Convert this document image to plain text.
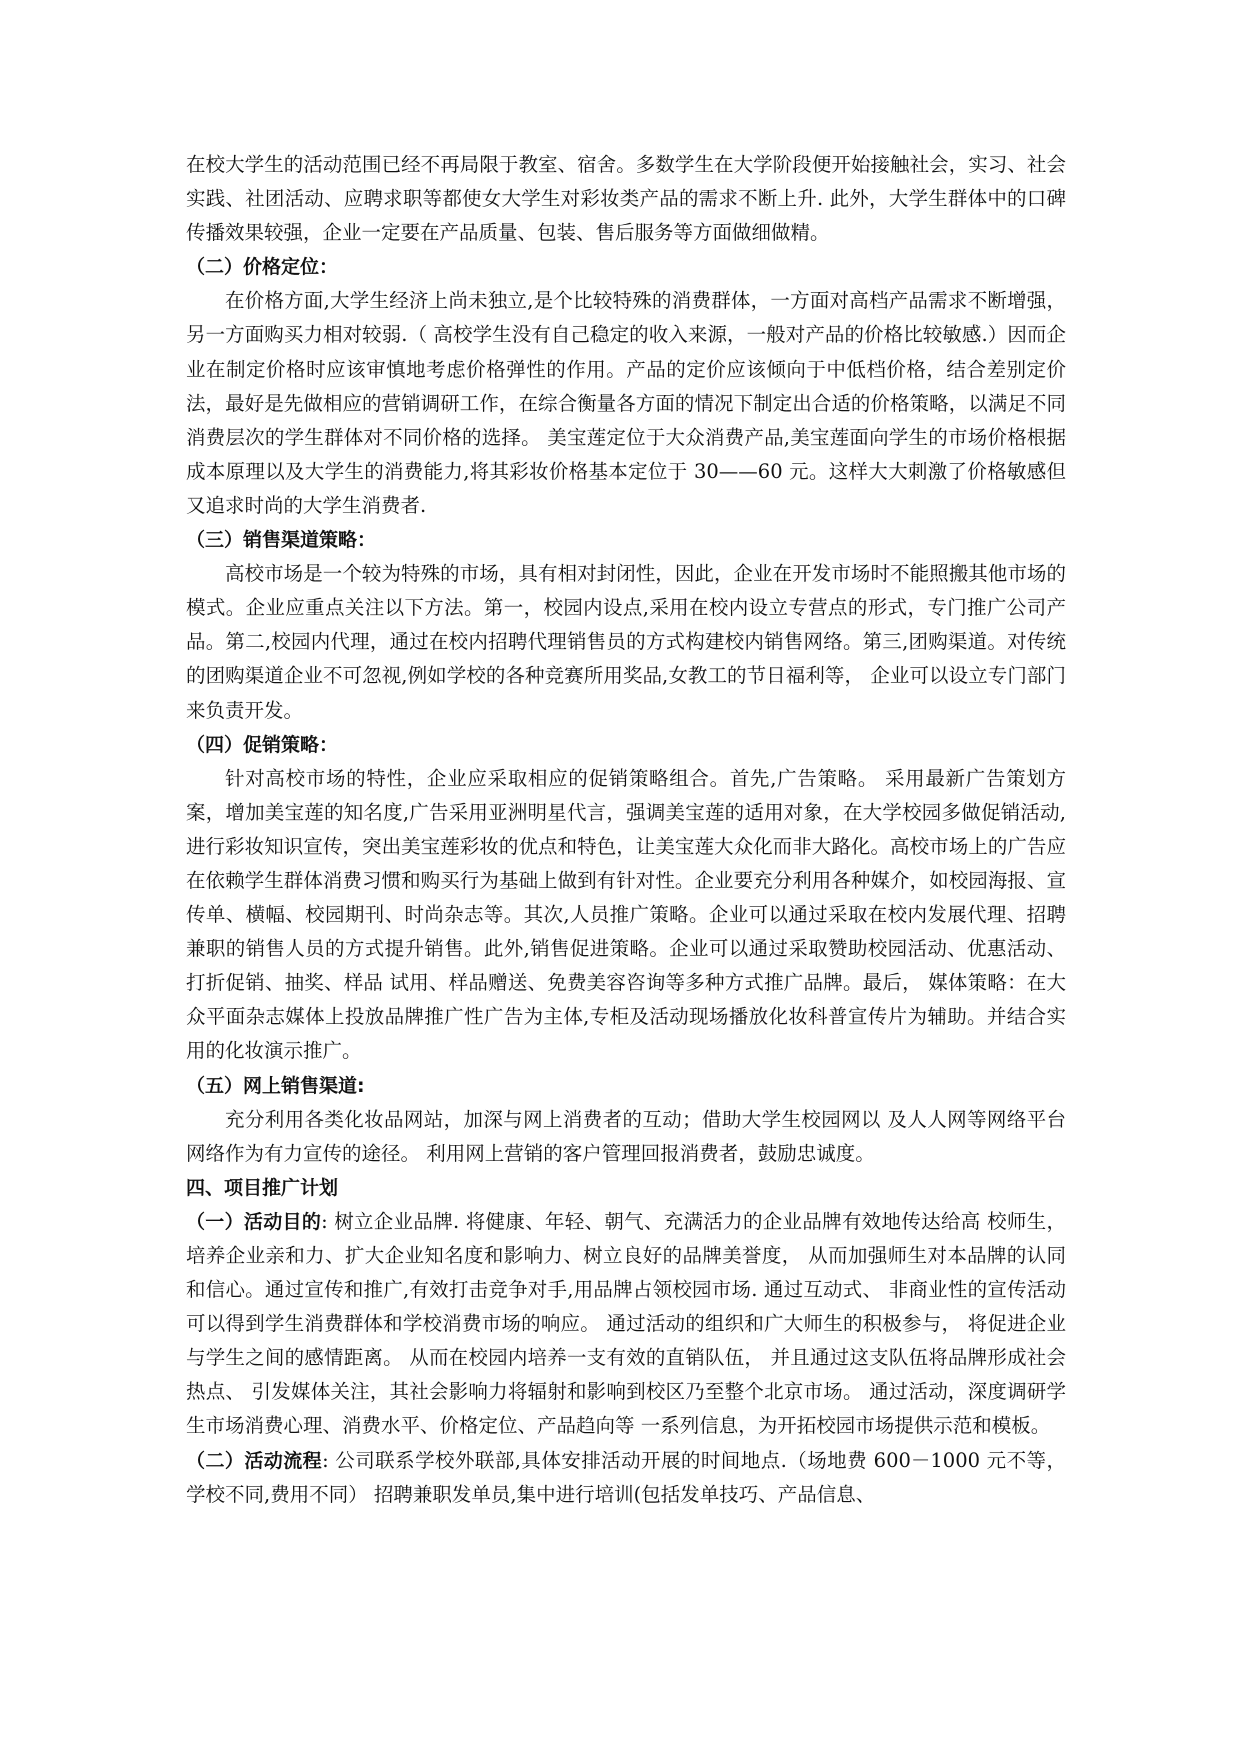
在校大学生的活动范围已经不再局限于教室、宿舍。多数学生在大学阶段便开始接触社会，实习、社会实践、社团活动、应聘求职等都使女大学生对彩妆类产品的需求不断上升. 此外，大学生群体中的口碑传播效果较强，企业一定要在产品质量、包装、售后服务等方面做细做精。

（二）价格定位：

在价格方面,大学生经济上尚未独立,是个比较特殊的消费群体，一方面对高档产品需求不断增强，另一方面购买力相对较弱.（ 高校学生没有自己稳定的收入来源，一般对产品的价格比较敏感.）因而企业在制定价格时应该审慎地考虑价格弹性的作用。产品的定价应该倾向于中低档价格，结合差别定价法，最好是先做相应的营销调研工作，在综合衡量各方面的情况下制定出合适的价格策略，以满足不同消费层次的学生群体对不同价格的选择。 美宝莲定位于大众消费产品,美宝莲面向学生的市场价格根据成本原理以及大学生的消费能力,将其彩妆价格基本定位于 30——60 元。这样大大刺激了价格敏感但又追求时尚的大学生消费者.

（三）销售渠道策略：

高校市场是一个较为特殊的市场，具有相对封闭性，因此，企业在开发市场时不能照搬其他市场的模式。企业应重点关注以下方法。第一，校园内设点,采用在校内设立专营点的形式，专门推广公司产品。第二,校园内代理，通过在校内招聘代理销售员的方式构建校内销售网络。第三,团购渠道。对传统的团购渠道企业不可忽视,例如学校的各种竞赛所用奖品,女教工的节日福利等， 企业可以设立专门部门来负责开发。

（四）促销策略：

针对高校市场的特性，企业应采取相应的促销策略组合。首先,广告策略。 采用最新广告策划方案，增加美宝莲的知名度,广告采用亚洲明星代言，强调美宝莲的适用对象，在大学校园多做促销活动,进行彩妆知识宣传，突出美宝莲彩妆的优点和特色，让美宝莲大众化而非大路化。高校市场上的广告应在依赖学生群体消费习惯和购买行为基础上做到有针对性。企业要充分利用各种媒介，如校园海报、宣传单、横幅、校园期刊、时尚杂志等。其次,人员推广策略。企业可以通过采取在校内发展代理、招聘兼职的销售人员的方式提升销售。此外,销售促进策略。企业可以通过采取赞助校园活动、优惠活动、打折促销、抽奖、样品 试用、样品赠送、免费美容咨询等多种方式推广品牌。最后， 媒体策略：在大 众平面杂志媒体上投放品牌推广性广告为主体,专柜及活动现场播放化妆科普宣传片为辅助。并结合实用的化妆演示推广。

（五）网上销售渠道:

充分利用各类化妆品网站，加深与网上消费者的互动；借助大学生校园网以 及人人网等网络平台网络作为有力宣传的途径。 利用网上营销的客户管理回报消费者，鼓励忠诚度。

四、项目推广计划

（一）活动目的: 树立企业品牌. 将健康、年轻、朝气、充满活力的企业品牌有效地传达给高 校师生，培养企业亲和力、扩大企业知名度和影响力、树立良好的品牌美誉度， 从而加强师生对本品牌的认同和信心。通过宣传和推广,有效打击竞争对手,用品牌占领校园市场. 通过互动式、 非商业性的宣传活动可以得到学生消费群体和学校消费市场的响应。 通过活动的组织和广大师生的积极参与， 将促进企业与学生之间的感情距离。 从而在校园内培养一支有效的直销队伍， 并且通过这支队伍将品牌形成社会热点、 引发媒体关注，其社会影响力将辐射和影响到校区乃至整个北京市场。 通过活动，深度调研学生市场消费心理、消费水平、价格定位、产品趋向等 一系列信息，为开拓校园市场提供示范和模板。

（二）活动流程: 公司联系学校外联部,具体安排活动开展的时间地点.（场地费 600－1000 元不等，学校不同,费用不同） 招聘兼职发单员,集中进行培训(包括发单技巧、产品信息、
